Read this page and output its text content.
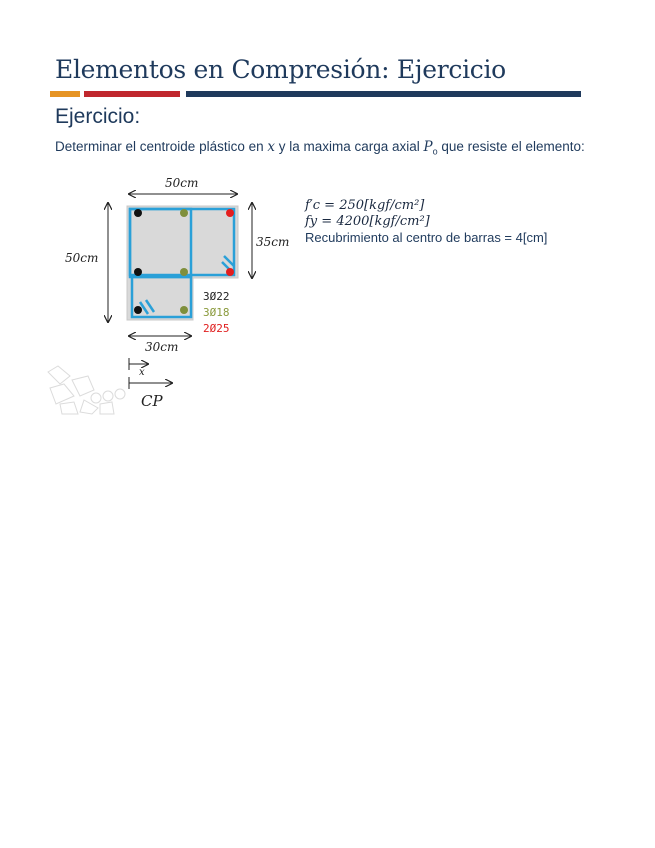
Elementos en Compresión: Ejercicio
Ejercicio:
Determinar el centroide plástico en x y la maxima carga axial $P_o$ que resiste el elemento:
f′c = 250[kgf/cm²]
fy = 4200[kgf/cm²]
Recubrimiento al centro de barras = 4[cm]
50cm
50cm
35cm
30cm
x
CP
3Ø22
3Ø18
2Ø25
